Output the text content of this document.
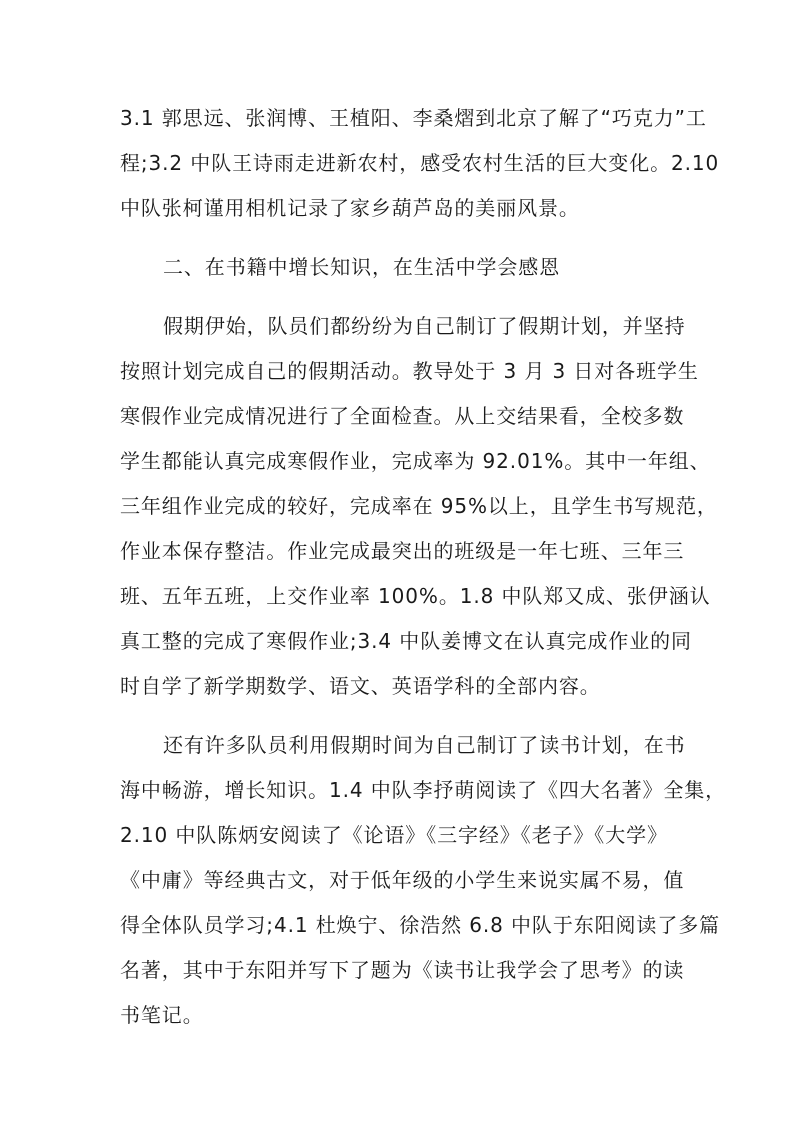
3.1 郭思远、张润博、王植阳、李桑熠到北京了解了“巧克力”工
程;3.2 中队王诗雨走进新农村，感受农村生活的巨大变化。2.10
中队张柯谨用相机记录了家乡葫芦岛的美丽风景。

二、在书籍中增长知识，在生活中学会感恩

假期伊始，队员们都纷纷为自己制订了假期计划，并坚持
按照计划完成自己的假期活动。教导处于 3 月 3 日对各班学生
寒假作业完成情况进行了全面检查。从上交结果看，全校多数
学生都能认真完成寒假作业，完成率为 92.01%。其中一年组、
三年组作业完成的较好，完成率在 95%以上，且学生书写规范，
作业本保存整洁。作业完成最突出的班级是一年七班、三年三
班、五年五班，上交作业率 100%。1.8 中队郑又成、张伊涵认
真工整的完成了寒假作业;3.4 中队姜博文在认真完成作业的同
时自学了新学期数学、语文、英语学科的全部内容。

还有许多队员利用假期时间为自己制订了读书计划，在书
海中畅游，增长知识。1.4 中队李抒萌阅读了《四大名著》全集，
2.10 中队陈炳安阅读了《论语》《三字经》《老子》《大学》
《中庸》等经典古文，对于低年级的小学生来说实属不易，值
得全体队员学习;4.1 杜焕宁、徐浩然 6.8 中队于东阳阅读了多篇
名著，其中于东阳并写下了题为《读书让我学会了思考》的读
书笔记。
